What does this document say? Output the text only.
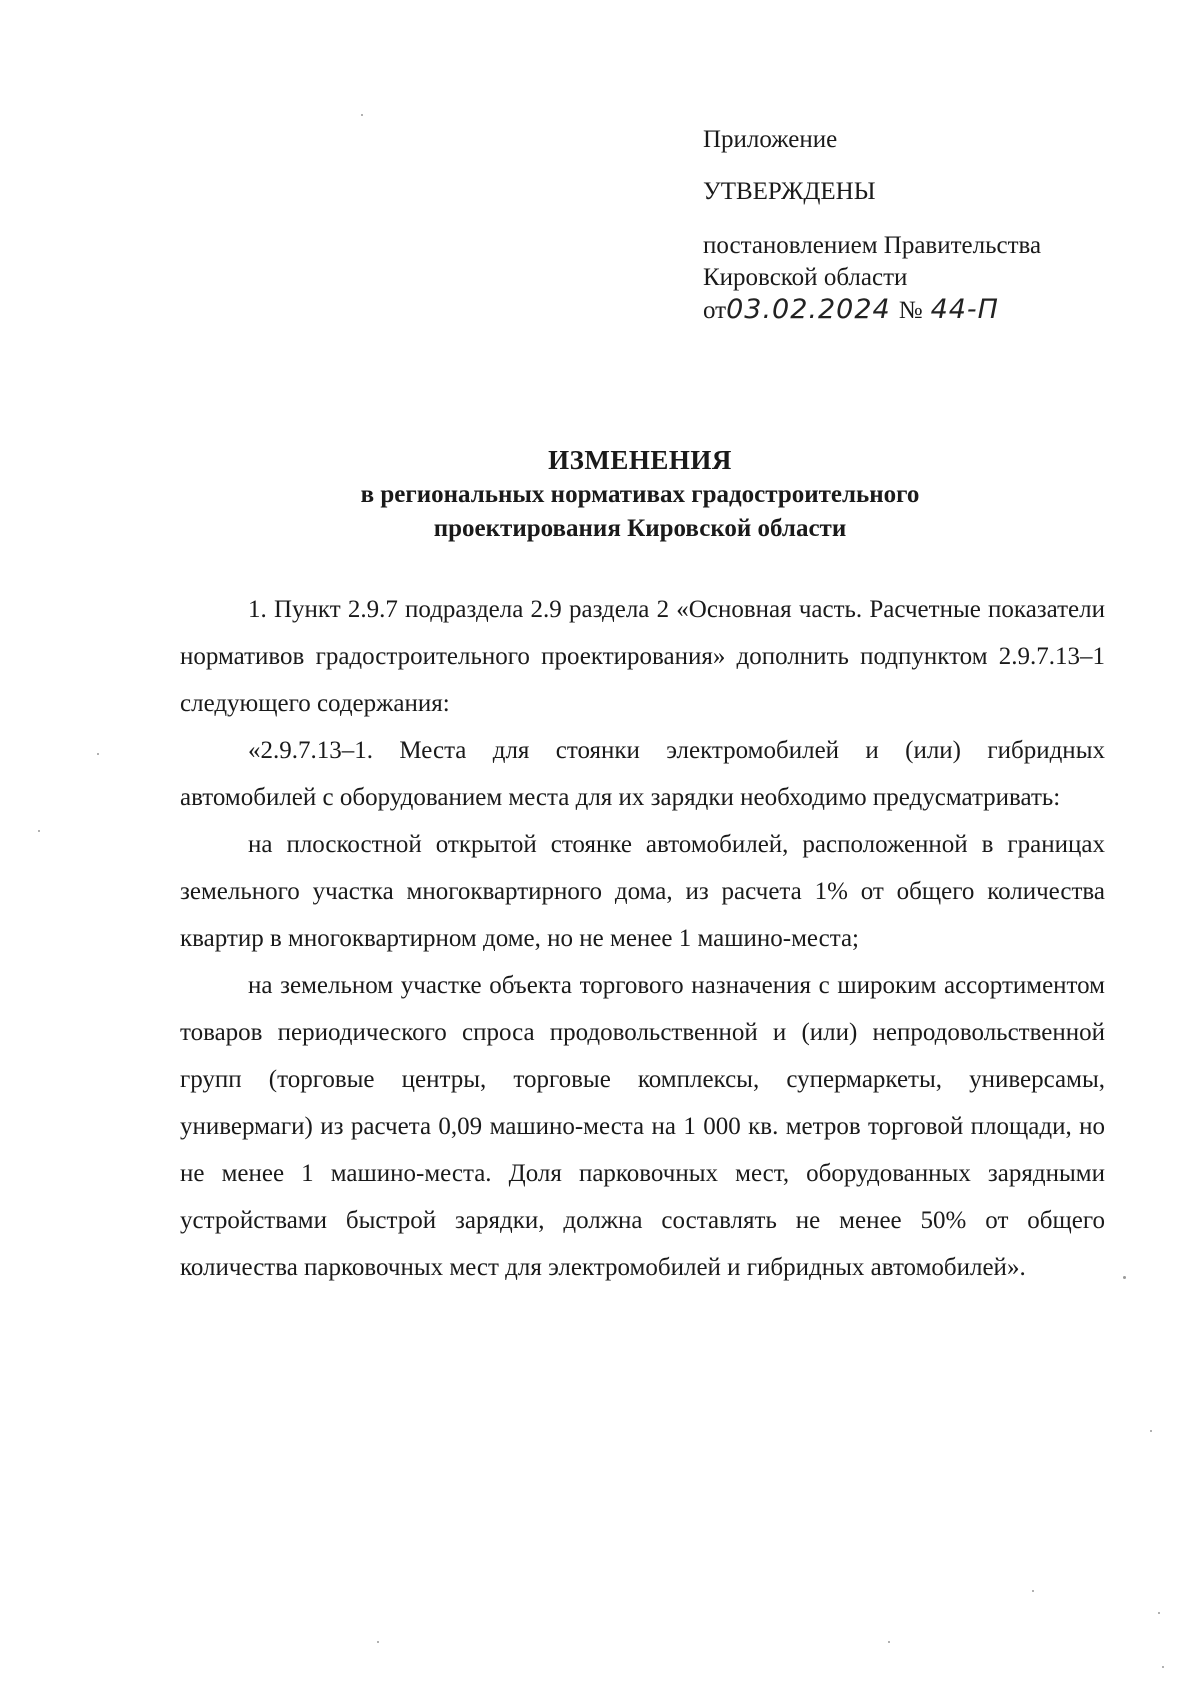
Приложение
УТВЕРЖДЕНЫ
постановлением Правительства
Кировской области
от03.02.2024 № 44-П
ИЗМЕНЕНИЯ
в региональных нормативах градостроительного
проектирования Кировской области

1. Пункт 2.9.7 подраздела 2.9 раздела 2 «Основная часть. Расчетные показатели нормативов градостроительного проектирования» дополнить подпунктом 2.9.7.13–1 следующего содержания:

«2.9.7.13–1. Места для стоянки электромобилей и (или) гибридных автомобилей с оборудованием места для их зарядки необходимо предусматривать:

на плоскостной открытой стоянке автомобилей, расположенной в границах земельного участка многоквартирного дома, из расчета 1% от общего количества квартир в многоквартирном доме, но не менее 1 машино-места;

на земельном участке объекта торгового назначения с широким ассортиментом товаров периодического спроса продовольственной и (или) непродовольственной групп (торговые центры, торговые комплексы, супермаркеты, универсамы, универмаги) из расчета 0,09 машино-места на 1 000 кв. метров торговой площади, но не менее 1 машино-места. Доля парковочных мест, оборудованных зарядными устройствами быстрой зарядки, должна составлять не менее 50% от общего количества парковочных мест для электромобилей и гибридных автомобилей».
